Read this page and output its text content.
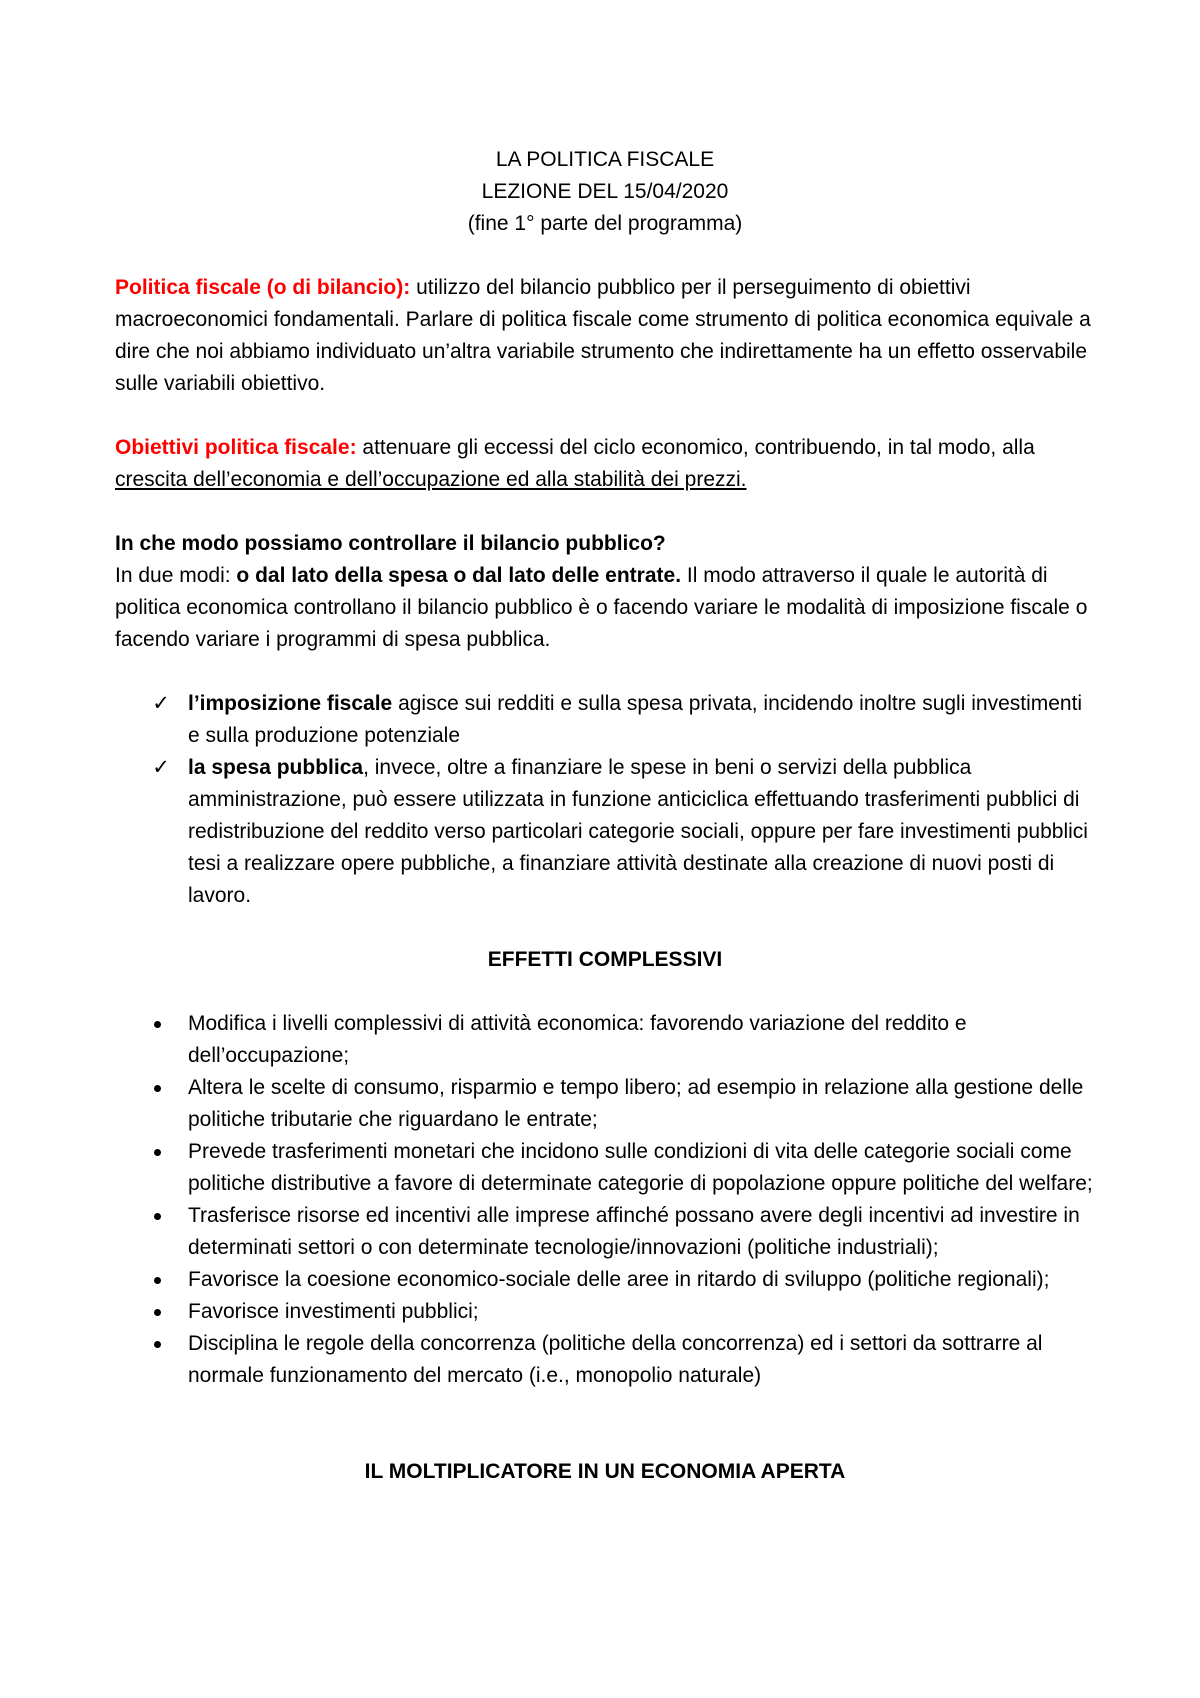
LA POLITICA FISCALE

LEZIONE DEL 15/04/2020

(fine 1° parte del programma)

Politica fiscale (o di bilancio): utilizzo del bilancio pubblico per il perseguimento di obiettivi macroeconomici fondamentali. Parlare di politica fiscale come strumento di politica economica equivale a dire che noi abbiamo individuato un’altra variabile strumento che indirettamente ha un effetto osservabile sulle variabili obiettivo.

Obiettivi politica fiscale: attenuare gli eccessi del ciclo economico, contribuendo, in tal modo, alla crescita dell’economia e dell’occupazione ed alla stabilità dei prezzi.

In che modo possiamo controllare il bilancio pubblico?

In due modi: o dal lato della spesa o dal lato delle entrate. Il modo attraverso il quale le autorità di politica economica controllano il bilancio pubblico è o facendo variare le modalità di imposizione fiscale o facendo variare i programmi di spesa pubblica.

✓ l’imposizione fiscale agisce sui redditi e sulla spesa privata, incidendo inoltre sugli investimenti e sulla produzione potenziale
✓ la spesa pubblica, invece, oltre a finanziare le spese in beni o servizi della pubblica amministrazione, può essere utilizzata in funzione anticiclica effettuando trasferimenti pubblici di redistribuzione del reddito verso particolari categorie sociali, oppure per fare investimenti pubblici tesi a realizzare opere pubbliche, a finanziare attività destinate alla creazione di nuovi posti di lavoro.

EFFETTI COMPLESSIVI

Modifica i livelli complessivi di attività economica: favorendo variazione del reddito e dell’occupazione;
Altera le scelte di consumo, risparmio e tempo libero; ad esempio in relazione alla gestione delle politiche tributarie che riguardano le entrate;
Prevede trasferimenti monetari che incidono sulle condizioni di vita delle categorie sociali come politiche distributive a favore di determinate categorie di popolazione oppure politiche del welfare;
Trasferisce risorse ed incentivi alle imprese affinché possano avere degli incentivi ad investire in determinati settori o con determinate tecnologie/innovazioni (politiche industriali);
Favorisce la coesione economico-sociale delle aree in ritardo di sviluppo (politiche regionali);
Favorisce investimenti pubblici;
Disciplina le regole della concorrenza (politiche della concorrenza) ed i settori da sottrarre al normale funzionamento del mercato (i.e., monopolio naturale)

IL MOLTIPLICATORE IN UN ECONOMIA APERTA
